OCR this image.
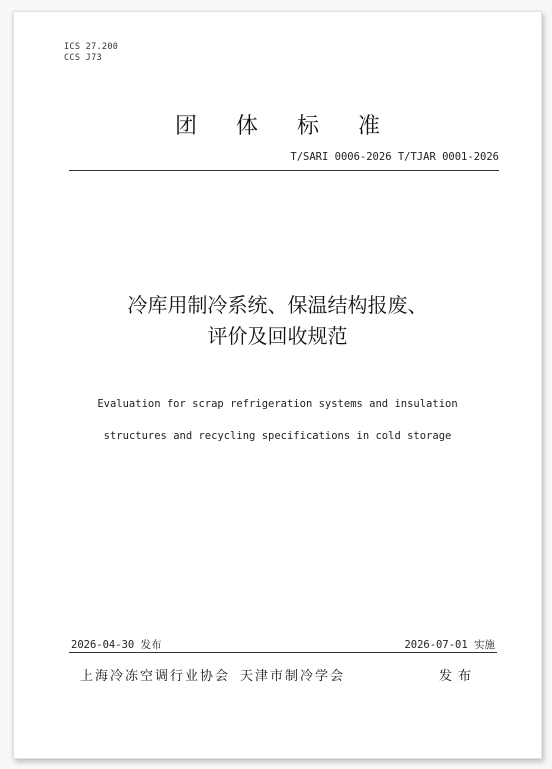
ICS 27.200
CCS J73
团 体 标 准
T/SARI 0006-2026 T/TJAR 0001-2026
冷库用制冷系统、保温结构报废、
评价及回收规范
Evaluation for scrap refrigeration systems and insulation
structures and recycling specifications in cold storage
2026-04-30 发布	2026-07-01 实施
上海冷冻空调行业协会 天津市制冷学会	发布
